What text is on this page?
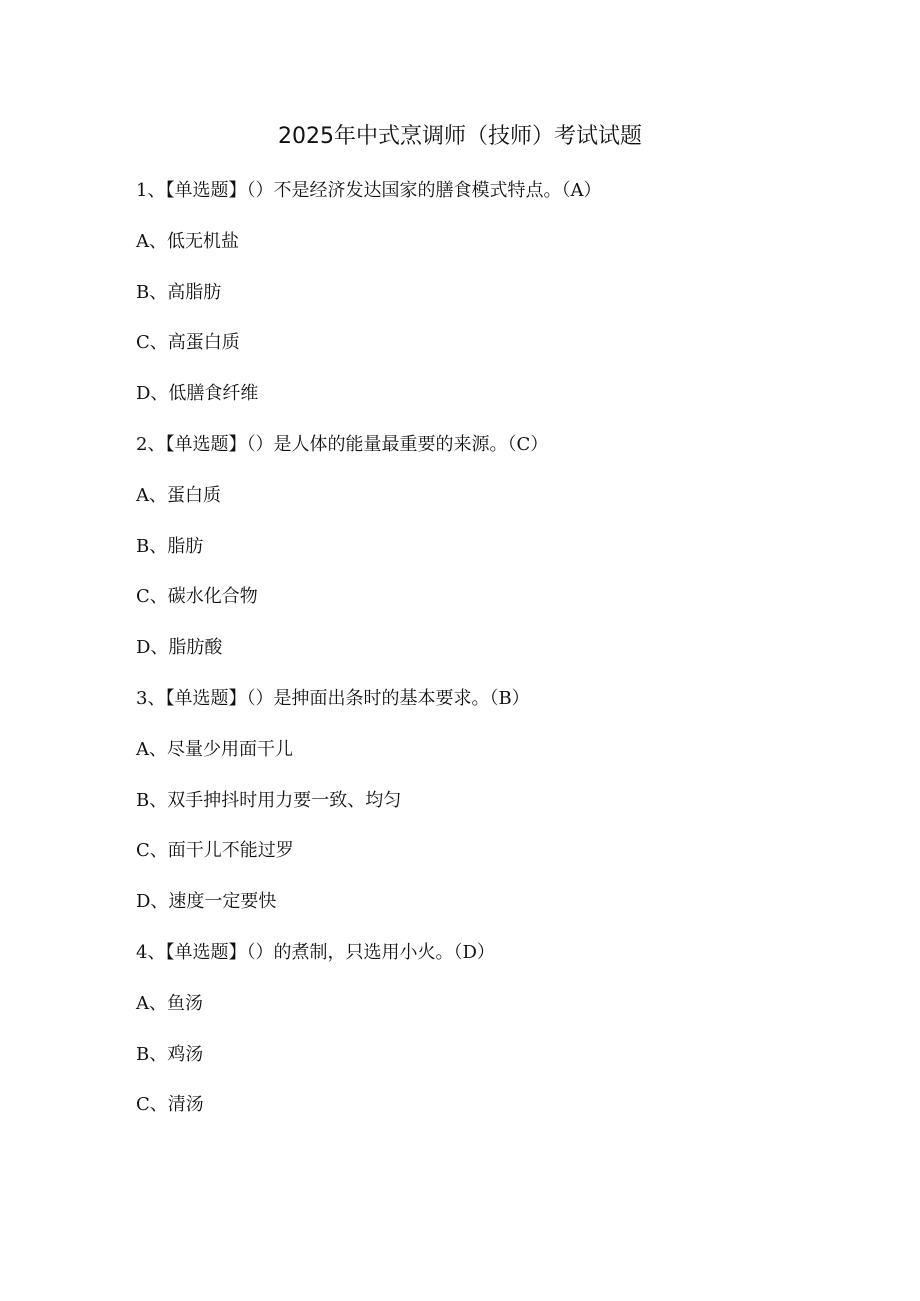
2025年中式烹调师（技师）考试试题
1、【单选题】（）不是经济发达国家的膳食模式特点。（A）
A、低无机盐
B、高脂肪
C、高蛋白质
D、低膳食纤维
2、【单选题】（）是人体的能量最重要的来源。（C）
A、蛋白质
B、脂肪
C、碳水化合物
D、脂肪酸
3、【单选题】（）是抻面出条时的基本要求。（B）
A、尽量少用面干儿
B、双手抻抖时用力要一致、均匀
C、面干儿不能过罗
D、速度一定要快
4、【单选题】（）的煮制，只选用小火。（D）
A、鱼汤
B、鸡汤
C、清汤
